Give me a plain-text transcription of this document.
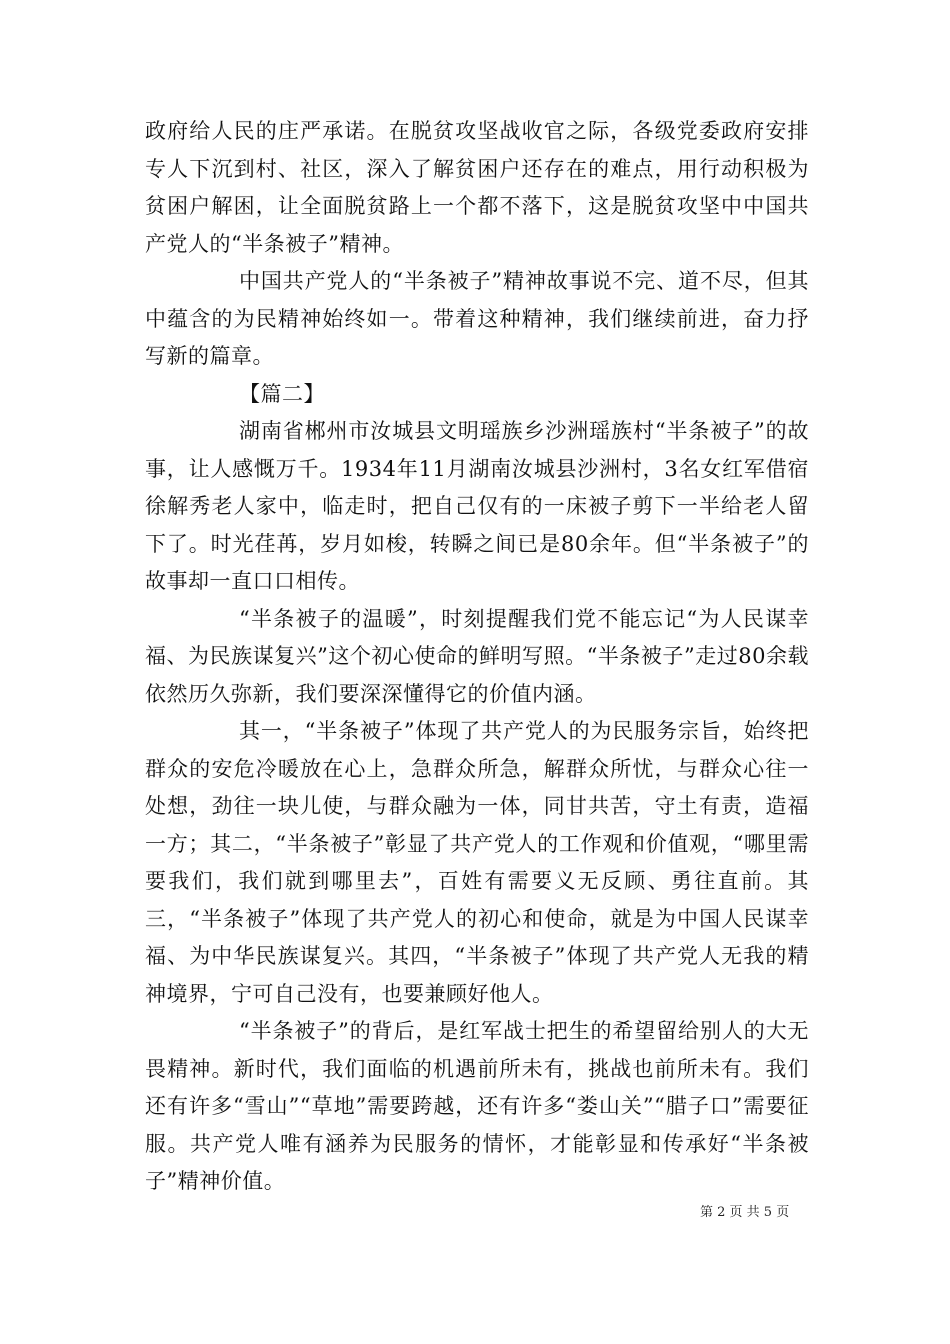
政府给人民的庄严承诺。在脱贫攻坚战收官之际，各级党委政府安排专人下沉到村、社区，深入了解贫困户还存在的难点，用行动积极为贫困户解困，让全面脱贫路上一个都不落下，这是脱贫攻坚中中国共产党人的“半条被子”精神。

中国共产党人的“半条被子”精神故事说不完、道不尽，但其中蕴含的为民精神始终如一。带着这种精神，我们继续前进，奋力抒写新的篇章。

【篇二】

湖南省郴州市汝城县文明瑶族乡沙洲瑶族村“半条被子”的故事，让人感慨万千。1934年11月湖南汝城县沙洲村，3名女红军借宿徐解秀老人家中，临走时，把自己仅有的一床被子剪下一半给老人留下了。时光荏苒，岁月如梭，转瞬之间已是80余年。但“半条被子”的故事却一直口口相传。

“半条被子的温暖”，时刻提醒我们党不能忘记“为人民谋幸福、为民族谋复兴”这个初心使命的鲜明写照。“半条被子”走过80余载依然历久弥新，我们要深深懂得它的价值内涵。

其一，“半条被子”体现了共产党人的为民服务宗旨，始终把群众的安危冷暖放在心上，急群众所急，解群众所忧，与群众心往一处想，劲往一块儿使，与群众融为一体，同甘共苦，守土有责，造福一方；其二，“半条被子”彰显了共产党人的工作观和价值观，“哪里需要我们，我们就到哪里去”，百姓有需要义无反顾、勇往直前。其三，“半条被子”体现了共产党人的初心和使命，就是为中国人民谋幸福、为中华民族谋复兴。其四，“半条被子”体现了共产党人无我的精神境界，宁可自己没有，也要兼顾好他人。

“半条被子”的背后，是红军战士把生的希望留给别人的大无畏精神。新时代，我们面临的机遇前所未有，挑战也前所未有。我们还有许多“雪山”“草地”需要跨越，还有许多“娄山关”“腊子口”需要征服。共产党人唯有涵养为民服务的情怀，才能彰显和传承好“半条被子”精神价值。

第 2 页 共 5 页
